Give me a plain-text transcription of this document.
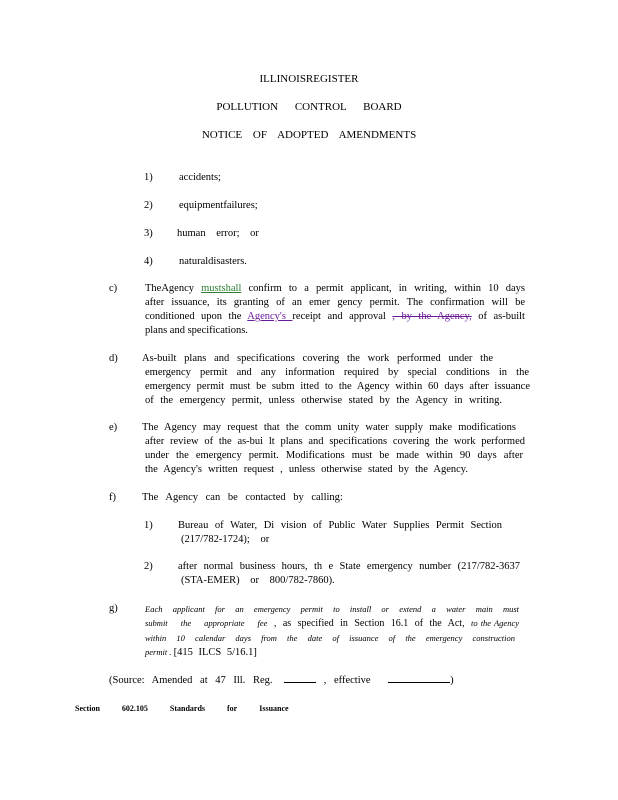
ILLINOISREGISTER
POLLUTION CONTROL BOARD
NOTICE OF ADOPTED AMENDMENTS
1)	accidents;
2)	equipmentfailures;
3) human error; or
4)	naturaldisasters.
c)	TheAgency mustshall confirm to a permit applicant, in writing, within 10 days
after issuance, its granting of an emer gency permit. The confirmation will be
conditioned upon the Agency's receipt and approval , by the Agency, of as-built
plans and specifications.
d) As-built plans and specifications covering the work performed under the
emergency permit and any information required by special conditions in the
emergency permit must be subm itted to the Agency within 60 days after issuance
of the emergency permit, unless otherwise stated by the Agency in writing.
e) The Agency may request that the comm unity water supply make modifications
after review of the as-bui lt plans and specifications covering the work performed
under the emergency permit. Modifications must be made within 90 days after
the Agency's written request , unless otherwise stated by the Agency.
f) The Agency can be contacted by calling:
1) Bureau of Water, Di vision of Public Water Supplies Permit Section
(217/782-1724); or
2) after normal business hours, th e State emergency number (217/782-3637
(STA-EMER) or 800/782-7860).
g)	Each applicant for an emergency permit to install or extend a water main must
submit the appropriate fee , as specified in Section 16.1 of the Act, to the Agency
within 10 calendar days from the date of issuance of the emergency construction
permit . [415 ILCS 5/16.1]
(Source: Amended at 47 Ill. Reg.	, effective	)
Section	602.105	Standards	for	Issuance
